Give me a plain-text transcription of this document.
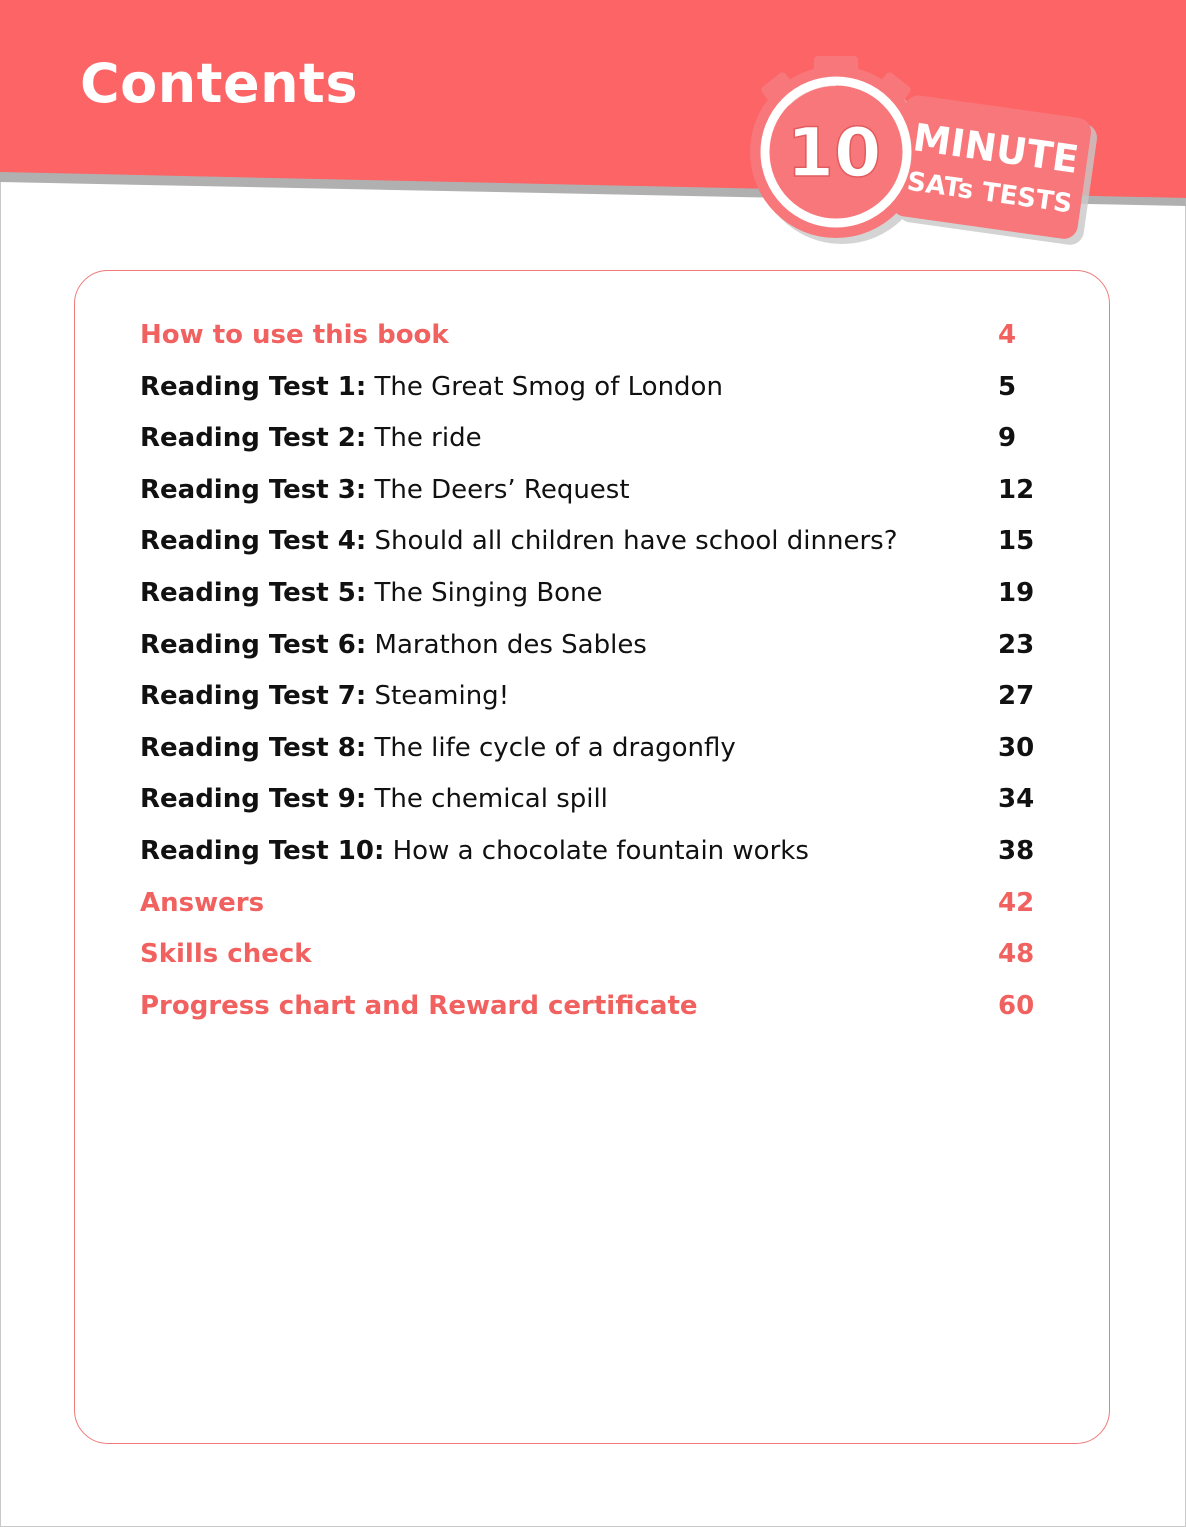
Contents
10 MINUTE
SATs TESTS
How to use this book	4
Reading Test 1: The Great Smog of London	5
Reading Test 2: The ride	9
Reading Test 3: The Deers’ Request	12
Reading Test 4: Should all children have school dinners?	15
Reading Test 5: The Singing Bone	19
Reading Test 6: Marathon des Sables	23
Reading Test 7: Steaming!	27
Reading Test 8: The life cycle of a dragonfly	30
Reading Test 9: The chemical spill	34
Reading Test 10: How a chocolate fountain works	38
Answers	42
Skills check	48
Progress chart and Reward certificate	60
